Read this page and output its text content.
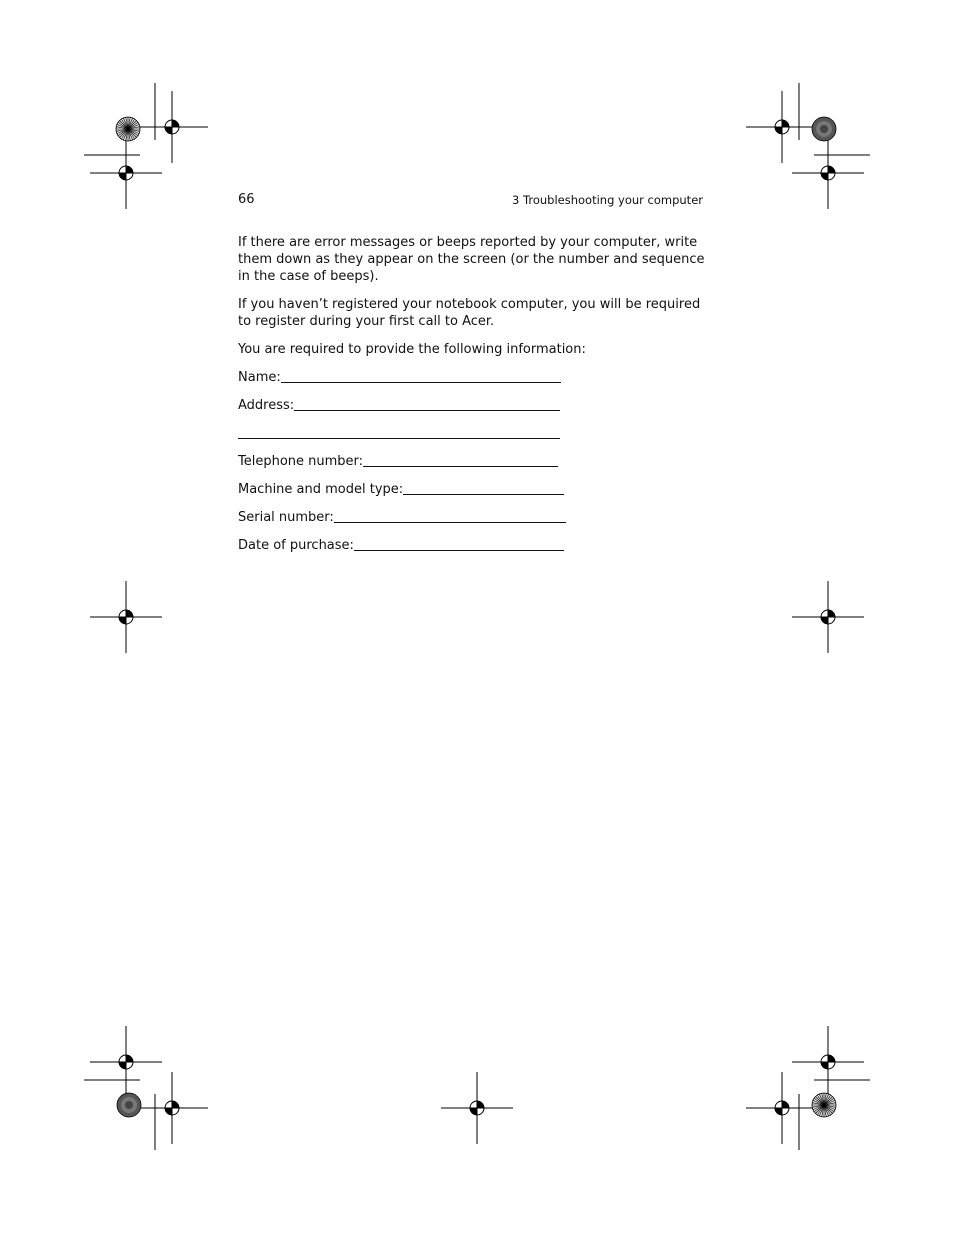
66	3 Troubleshooting your computer

If there are error messages or beeps reported by your computer, write them down as they appear on the screen (or the number and sequence in the case of beeps).

If you haven’t registered your notebook computer, you will be required to register during your first call to Acer.

You are required to provide the following information:

Name:
Address:
Telephone number:
Machine and model type:
Serial number:
Date of purchase:
